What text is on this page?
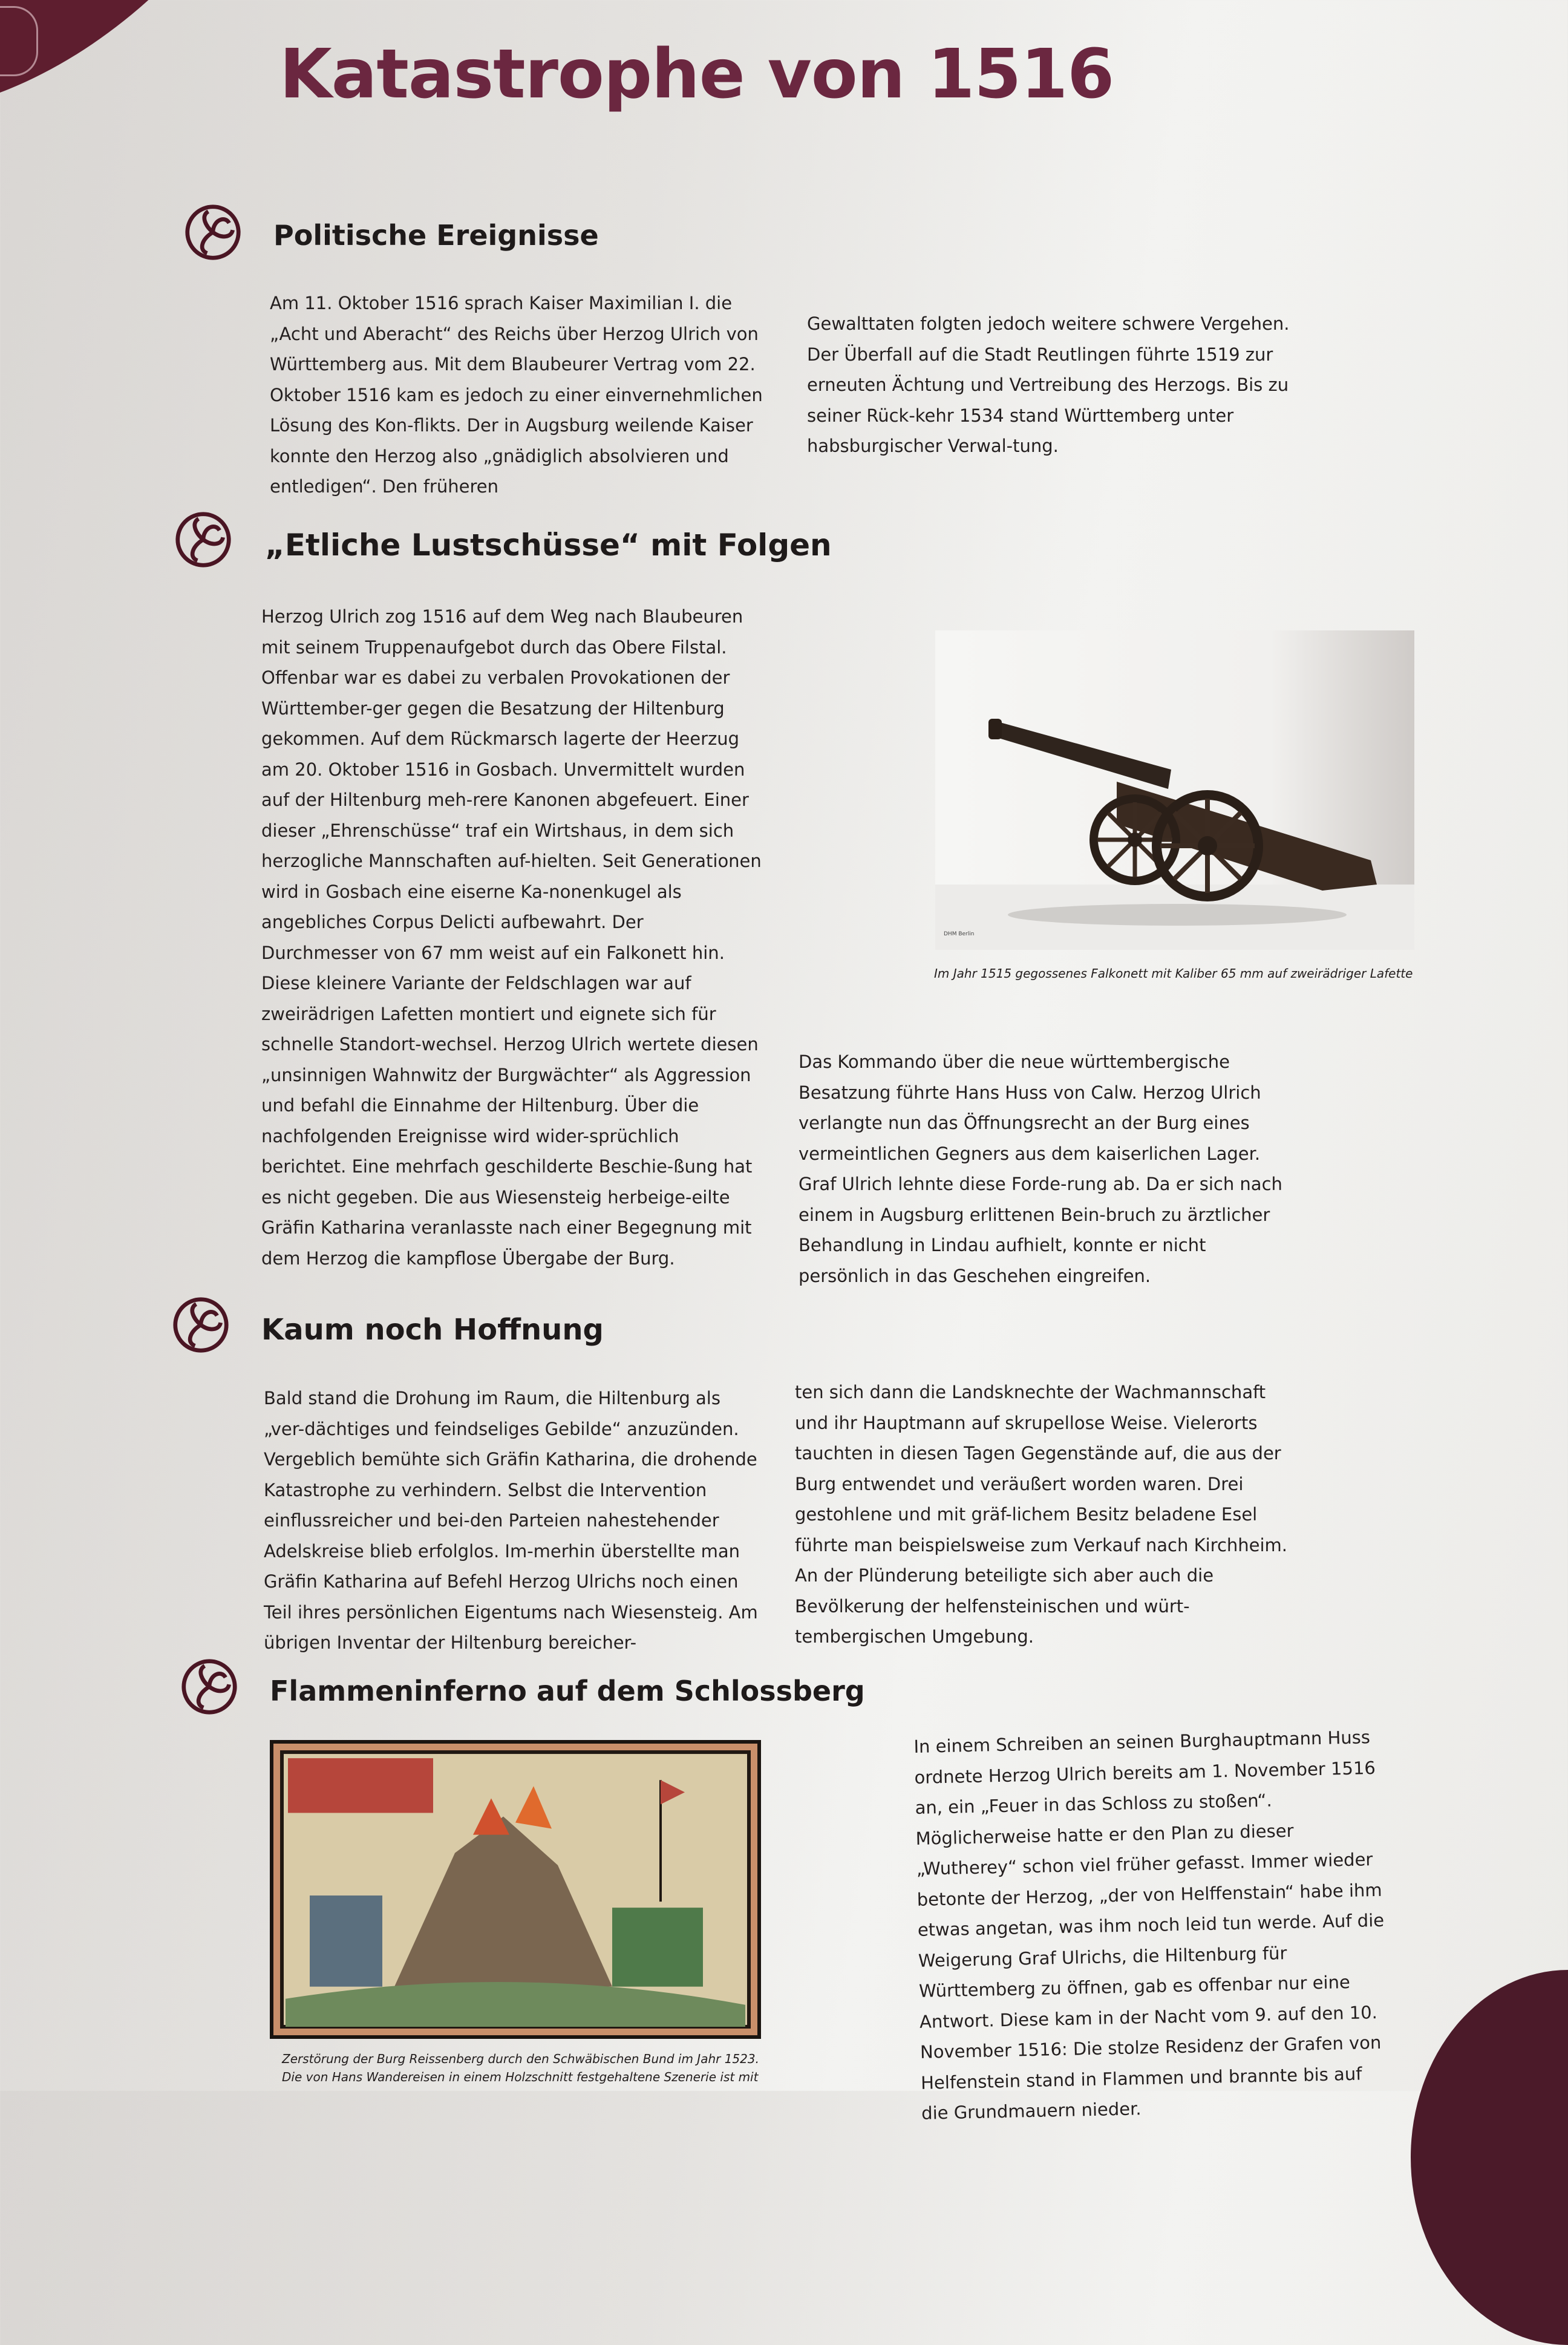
Katastrophe von 1516
Politische Ereignisse

Am 11. Oktober 1516 sprach Kaiser Maximilian I. die „Acht und Aberacht“ des Reichs über Herzog Ulrich von Württemberg aus. Mit dem Blaubeurer Vertrag vom 22. Oktober 1516 kam es jedoch zu einer einvernehmlichen Lösung des Kon-flikts. Der in Augsburg weilende Kaiser konnte den Herzog also „gnädiglich absolvieren und entledigen“. Den früheren

Gewalttaten folgten jedoch weitere schwere Vergehen. Der Überfall auf die Stadt Reutlingen führte 1519 zur erneuten Ächtung und Vertreibung des Herzogs. Bis zu seiner Rück-kehr 1534 stand Württemberg unter habsburgischer Verwal-tung.

„Etliche Lustschüsse“ mit Folgen

Herzog Ulrich zog 1516 auf dem Weg nach Blaubeuren mit seinem Truppenaufgebot durch das Obere Filstal. Offenbar war es dabei zu verbalen Provokationen der Württember-ger gegen die Besatzung der Hiltenburg gekommen. Auf dem Rückmarsch lagerte der Heerzug am 20. Oktober 1516 in Gosbach. Unvermittelt wurden auf der Hiltenburg meh-rere Kanonen abgefeuert. Einer dieser „Ehrenschüsse“ traf ein Wirtshaus, in dem sich herzogliche Mannschaften auf-hielten. Seit Generationen wird in Gosbach eine eiserne Ka-nonenkugel als angebliches Corpus Delicti aufbewahrt. Der Durchmesser von 67 mm weist auf ein Falkonett hin. Diese kleinere Variante der Feldschlagen war auf zweirädrigen Lafetten montiert und eignete sich für schnelle Standort-wechsel. Herzog Ulrich wertete diesen „unsinnigen Wahnwitz der Burgwächter“ als Aggression und befahl die Einnahme der Hiltenburg. Über die nachfolgenden Ereignisse wird wider-sprüchlich berichtet. Eine mehrfach geschilderte Beschie-ßung hat es nicht gegeben. Die aus Wiesensteig herbeige-eilte Gräfin Katharina veranlasste nach einer Begegnung mit dem Herzog die kampflose Übergabe der Burg.

DHM Berlin

Im Jahr 1515 gegossenes Falkonett mit Kaliber 65 mm auf zweirädriger Lafette

Das Kommando über die neue württembergische Besatzung führte Hans Huss von Calw. Herzog Ulrich verlangte nun das Öffnungsrecht an der Burg eines vermeintlichen Gegners aus dem kaiserlichen Lager. Graf Ulrich lehnte diese Forde-rung ab. Da er sich nach einem in Augsburg erlittenen Bein-bruch zu ärztlicher Behandlung in Lindau aufhielt, konnte er nicht persönlich in das Geschehen eingreifen.

Kaum noch Hoffnung

Bald stand die Drohung im Raum, die Hiltenburg als „ver-dächtiges und feindseliges Gebilde“ anzuzünden. Vergeblich bemühte sich Gräfin Katharina, die drohende Katastrophe zu verhindern. Selbst die Intervention einflussreicher und bei-den Parteien nahestehender Adelskreise blieb erfolglos. Im-merhin überstellte man Gräfin Katharina auf Befehl Herzog Ulrichs noch einen Teil ihres persönlichen Eigentums nach Wiesensteig. Am übrigen Inventar der Hiltenburg bereicher-

ten sich dann die Landsknechte der Wachmannschaft und ihr Hauptmann auf skrupellose Weise. Vielerorts tauchten in diesen Tagen Gegenstände auf, die aus der Burg entwendet und veräußert worden waren. Drei gestohlene und mit gräf-lichem Besitz beladene Esel führte man beispielsweise zum Verkauf nach Kirchheim. An der Plünderung beteiligte sich aber auch die Bevölkerung der helfensteinischen und würt-tembergischen Umgebung.

Flammeninferno auf dem Schlossberg

Zerstörung der Burg Reissenberg durch den Schwäbischen Bund im Jahr 1523. Die von Hans Wandereisen in einem Holzschnitt festgehaltene Szenerie ist mit

In einem Schreiben an seinen Burghauptmann Huss ordnete Herzog Ulrich bereits am 1. November 1516 an, ein „Feuer in das Schloss zu stoßen“. Möglicherweise hatte er den Plan zu dieser „Wutherey“ schon viel früher gefasst. Immer wieder betonte der Herzog, „der von Helffenstain“ habe ihm etwas angetan, was ihm noch leid tun werde. Auf die Weigerung Graf Ulrichs, die Hiltenburg für Württemberg zu öffnen, gab es offenbar nur eine Antwort. Diese kam in der Nacht vom 9. auf den 10. November 1516: Die stolze Residenz der Grafen von Helfenstein stand in Flammen und brannte bis auf die Grundmauern nieder.
